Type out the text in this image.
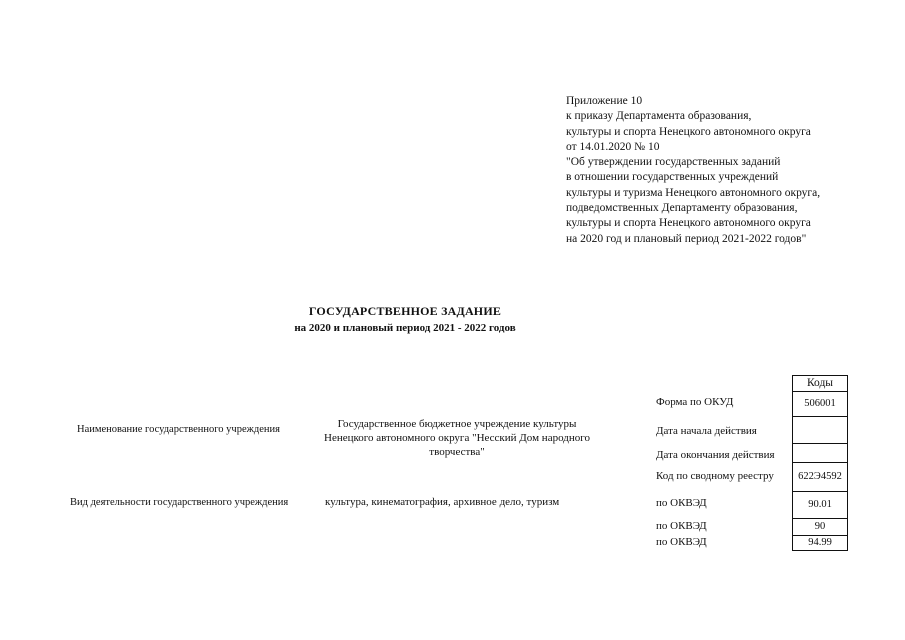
Приложение 10
к приказу Департамента образования,
культуры и спорта Ненецкого автономного округа
от 14.01.2020 № 10
"Об утверждении государственных заданий
в отношении государственных учреждений
культуры и туризма Ненецкого автономного округа,
подведомственных Департаменту образования,
культуры и спорта Ненецкого автономного округа
на 2020 год и плановый период 2021-2022 годов"
ГОСУДАРСТВЕННОЕ ЗАДАНИЕ
на 2020 и плановый период 2021 - 2022 годов
Наименование государственного учреждения	Государственное бюджетное учреждение культуры
Ненецкого автономного округа "Несский Дом народного
творчества"
Вид деятельности государственного учреждения	культура, кинематография, архивное дело, туризм
Коды
Форма по ОКУД	506001
Дата начала действия
Дата окончания действия
Код по сводному реестру	622Э4592
по ОКВЭД	90.01
по ОКВЭД	90
по ОКВЭД	94.99
